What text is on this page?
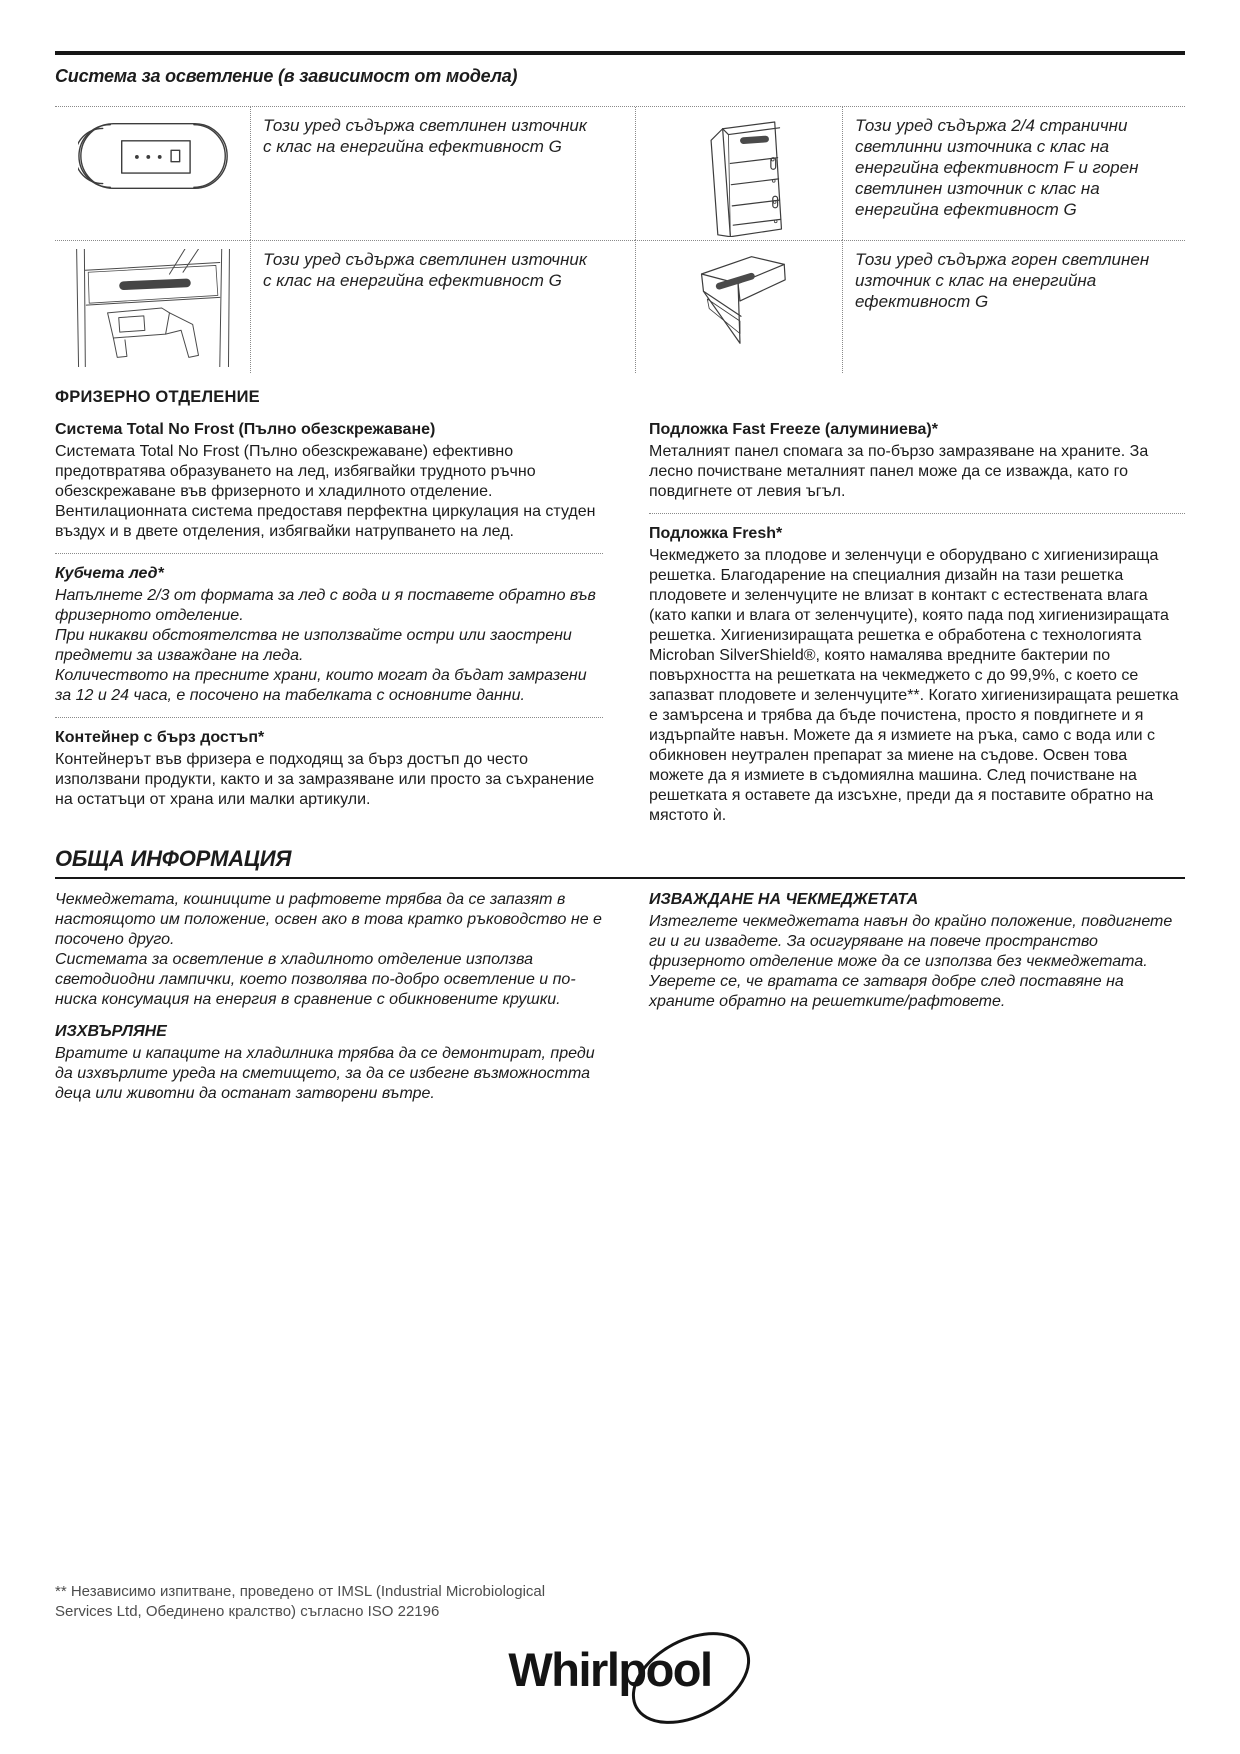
Система за осветление (в зависимост от модела)
Този уред съдържа светлинен източник с клас на енергийна ефективност G
Този уред съдържа 2/4 странични светлинни източника с клас на енергийна ефективност F и горен светлинен източник с клас на енергийна ефективност G
Този уред съдържа светлинен източник с клас на енергийна ефективност G
Този уред съдържа горен светлинен източник с клас на енергийна ефективност G
ФРИЗЕРНО ОТДЕЛЕНИЕ
Система Total No Frost (Пълно обезскрежаване)

Системата Total No Frost (Пълно обезскрежаване) ефективно предотвратява образуването на лед, избягвайки трудното ръчно обезскрежаване във фризерното и хладилното отделение. Вентилационната система предоставя перфектна циркулация на студен въздух и в двете отделения, избягвайки натрупването на лед.

Кубчета лед*

Напълнете 2/3 от формата за лед с вода и я поставете обратно във фризерното отделение.

При никакви обстоятелства не използвайте остри или заострени предмети за изваждане на леда.

Количеството на пресните храни, които могат да бъдат замразени за 12 и 24 часа, е посочено на табелката с основните данни.

Контейнер с бърз достъп*

Контейнерът във фризера е подходящ за бърз достъп до често използвани продукти, както и за замразяване или просто за съхранение на остатъци от храна или малки артикули.

Подложка Fast Freeze (алуминиева)*

Металният панел спомага за по-бързо замразяване на храните. За лесно почистване металният панел може да се изважда, като го повдигнете от левия ъгъл.

Подложка Fresh*

Чекмеджето за плодове и зеленчуци е оборудвано с хигиенизираща решетка. Благодарение на специалния дизайн на тази решетка плодовете и зеленчуците не влизат в контакт с естествената влага (като капки и влага от зеленчуците), която пада под хигиенизиращата решетка. Хигиенизиращата решетка е обработена с технологията Microban SilverShield®, която намалява вредните бактерии по повърхността на решетката на чекмеджето с до 99,9%, с което се запазват плодовете и зеленчуците**. Когато хигиенизиращата решетка е замърсена и трябва да бъде почистена, просто я повдигнете и я издърпайте навън. Можете да я измиете на ръка, само с вода или с обикновен неутрален препарат за миене на съдове. Освен това можете да я измиете в съдомиялна машина. След почистване на решетката я оставете да изсъхне, преди да я поставите обратно на мястото ѝ.

ОБЩА ИНФОРМАЦИЯ

Чекмеджетата, кошниците и рафтовете трябва да се запазят в настоящото им положение, освен ако в това кратко ръководство не е посочено друго.

Системата за осветление в хладилното отделение използва светодиодни лампички, което позволява по-добро осветление и по-ниска консумация на енергия в сравнение с обикновените крушки.

ИЗХВЪРЛЯНЕ

Вратите и капаците на хладилника трябва да се демонтират, преди да изхвърлите уреда на сметището, за да се избегне възможността деца или животни да останат затворени вътре.

ИЗВАЖДАНЕ НА ЧЕКМЕДЖЕТАТА

Изтеглете чекмеджетата навън до крайно положение, повдигнете ги и ги извадете. За осигуряване на повече пространство фризерното отделение може да се използва без чекмеджетата. Уверете се, че вратата се затваря добре след поставяне на храните обратно на решетките/рафтовете.

** Независимо изпитване, проведено от IMSL (Industrial Microbiological Services Ltd, Обединено кралство) съгласно ISO 22196
Whirlpool
